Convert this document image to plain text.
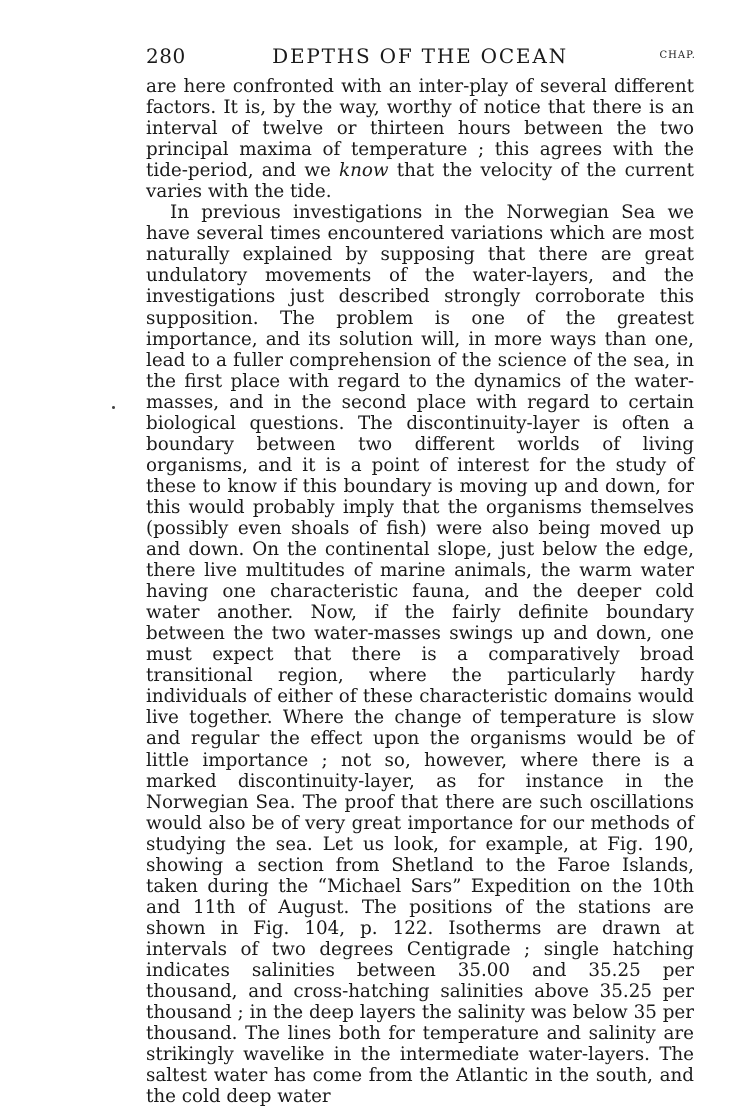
280	DEPTHS OF THE OCEAN	CHAP.

are here confronted with an inter-play of several different factors. It is, by the way, worthy of notice that there is an interval of twelve or thirteen hours between the two principal maxima of temperature ; this agrees with the tide-period, and we know that the velocity of the current varies with the tide.

In previous investigations in the Norwegian Sea we have several times encountered variations which are most naturally explained by supposing that there are great undulatory movements of the water-layers, and the investigations just described strongly corroborate this supposition. The problem is one of the greatest importance, and its solution will, in more ways than one, lead to a fuller comprehension of the science of the sea, in the first place with regard to the dynamics of the water-masses, and in the second place with regard to certain biological questions. The discontinuity-layer is often a boundary between two different worlds of living organisms, and it is a point of interest for the study of these to know if this boundary is moving up and down, for this would probably imply that the organisms themselves (possibly even shoals of fish) were also being moved up and down. On the continental slope, just below the edge, there live multitudes of marine animals, the warm water having one characteristic fauna, and the deeper cold water another. Now, if the fairly definite boundary between the two water-masses swings up and down, one must expect that there is a comparatively broad transitional region, where the particularly hardy individuals of either of these characteristic domains would live together. Where the change of temperature is slow and regular the effect upon the organisms would be of little importance ; not so, however, where there is a marked discontinuity-layer, as for instance in the Norwegian Sea. The proof that there are such oscillations would also be of very great importance for our methods of studying the sea. Let us look, for example, at Fig. 190, showing a section from Shetland to the Faroe Islands, taken during the “Michael Sars” Expedition on the 10th and 11th of August. The positions of the stations are shown in Fig. 104, p. 122. Isotherms are drawn at intervals of two degrees Centigrade ; single hatching indicates salinities between 35.00 and 35.25 per thousand, and cross-hatching salinities above 35.25 per thousand ; in the deep layers the salinity was below 35 per thousand. The lines both for temperature and salinity are strikingly wavelike in the intermediate water-layers. The saltest water has come from the Atlantic in the south, and the cold deep water
